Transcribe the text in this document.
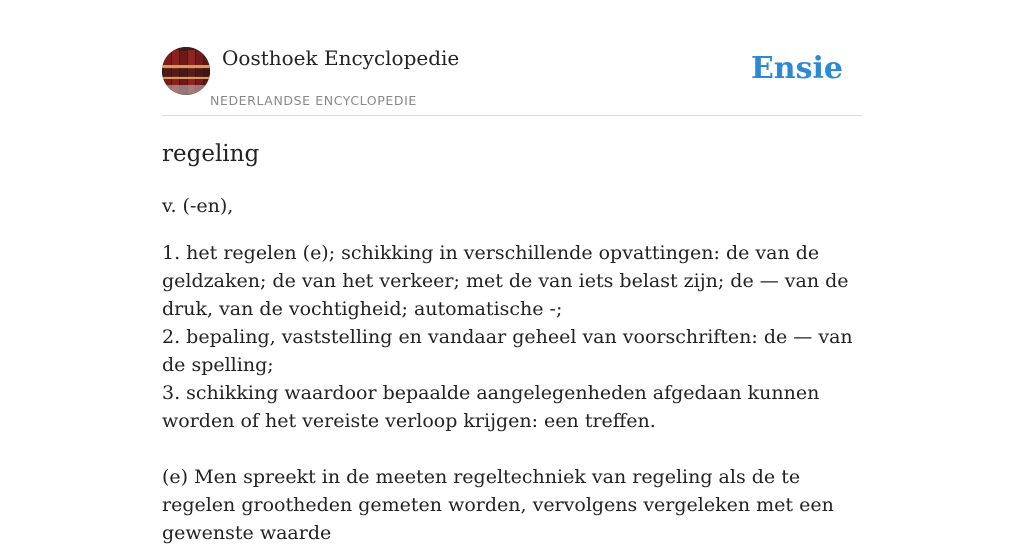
Oosthoek Encyclopedie
NEDERLANDSE ENCYCLOPEDIE
Ensie
regeling
v. (-en),

1. het regelen (e); schikking in verschillende opvattingen: de van de geldzaken; de van het verkeer; met de van iets belast zijn; de — van de druk, van de vochtigheid; automatische -;

2. bepaling, vaststelling en vandaar geheel van voorschriften: de — van de spelling;

3. schikking waardoor bepaalde aangelegenheden afgedaan kunnen worden of het vereiste verloop krijgen: een treffen.

(e) Men spreekt in de meeten regeltechniek van regeling als de te regelen grootheden gemeten worden, vervolgens vergeleken met een gewenste waarde
